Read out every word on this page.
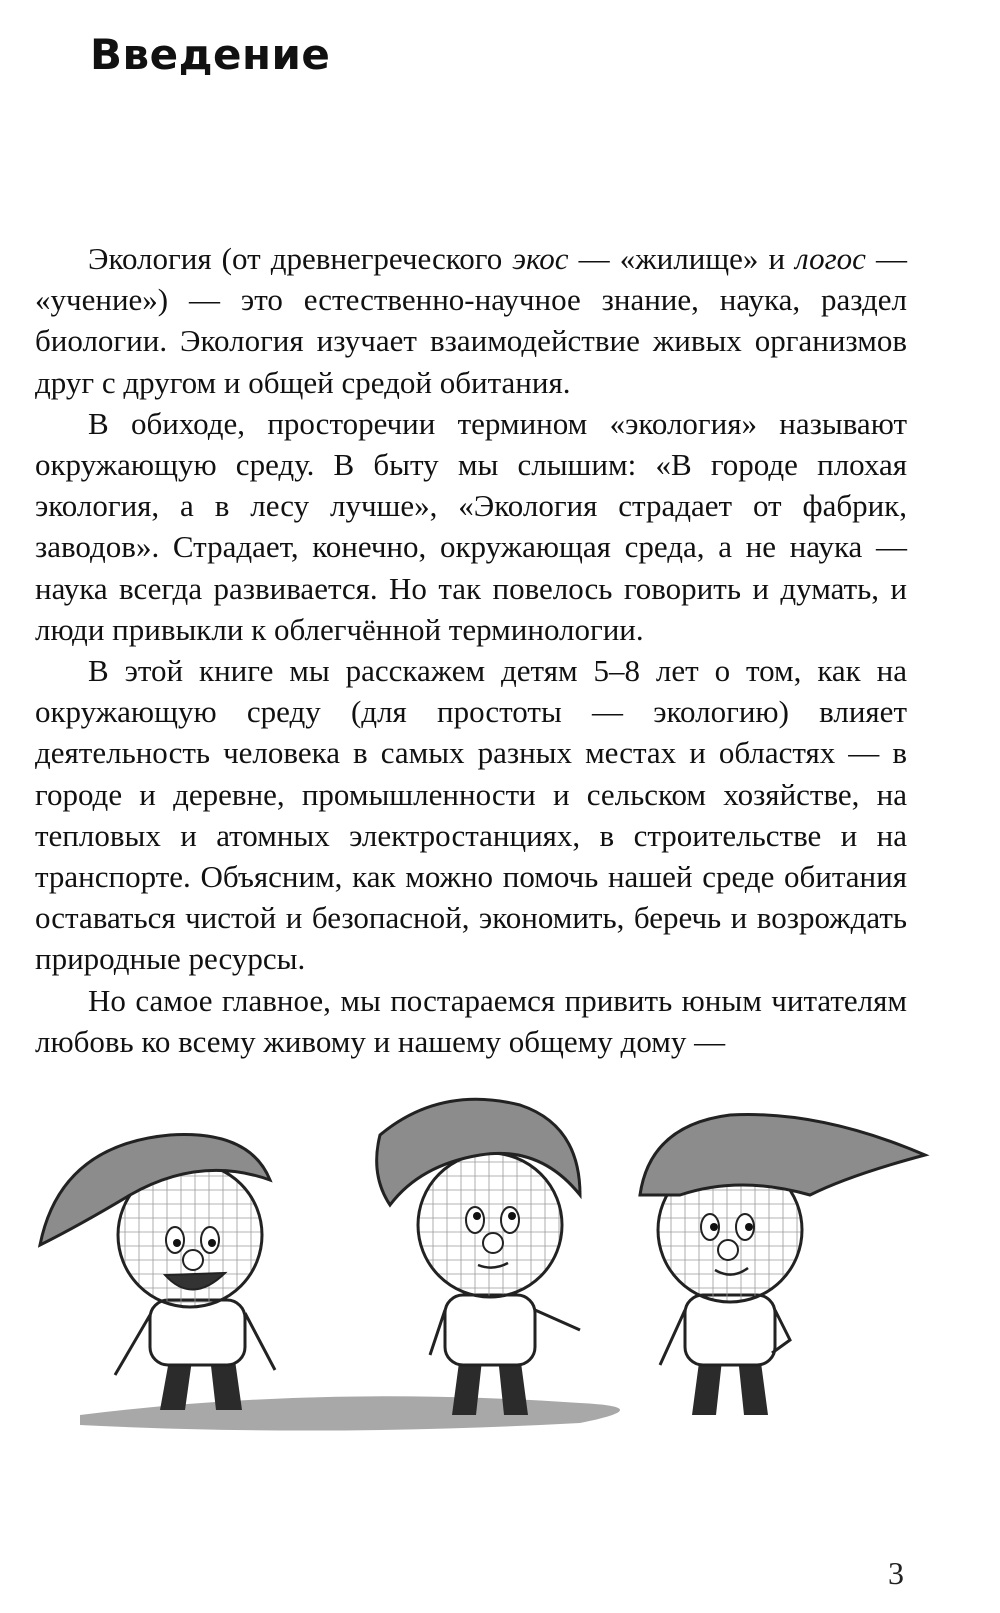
Введение

Экология (от древнегреческого экос — «жилище» и логос — «учение») — это естественно-научное знание, наука, раздел биологии. Экология изучает взаимодействие живых организмов друг с другом и общей средой обитания.

В обиходе, просторечии термином «экология» называют окружающую среду. В быту мы слышим: «В городе плохая экология, а в лесу лучше», «Экология страдает от фабрик, заводов». Страдает, конечно, окружающая среда, а не наука — наука всегда развивается. Но так повелось говорить и думать, и люди привыкли к облегчённой терминологии.

В этой книге мы расскажем детям 5–8 лет о том, как на окружающую среду (для простоты — экологию) влияет деятельность человека в самых разных местах и областях — в городе и деревне, промышленности и сельском хозяйстве, на тепловых и атомных электростанциях, в строительстве и на транспорте. Объясним, как можно помочь нашей среде обитания оставаться чистой и безопасной, экономить, беречь и возрождать природные ресурсы.

Но самое главное, мы постараемся привить юным читателям любовь ко всему живому и нашему общему дому —

3
